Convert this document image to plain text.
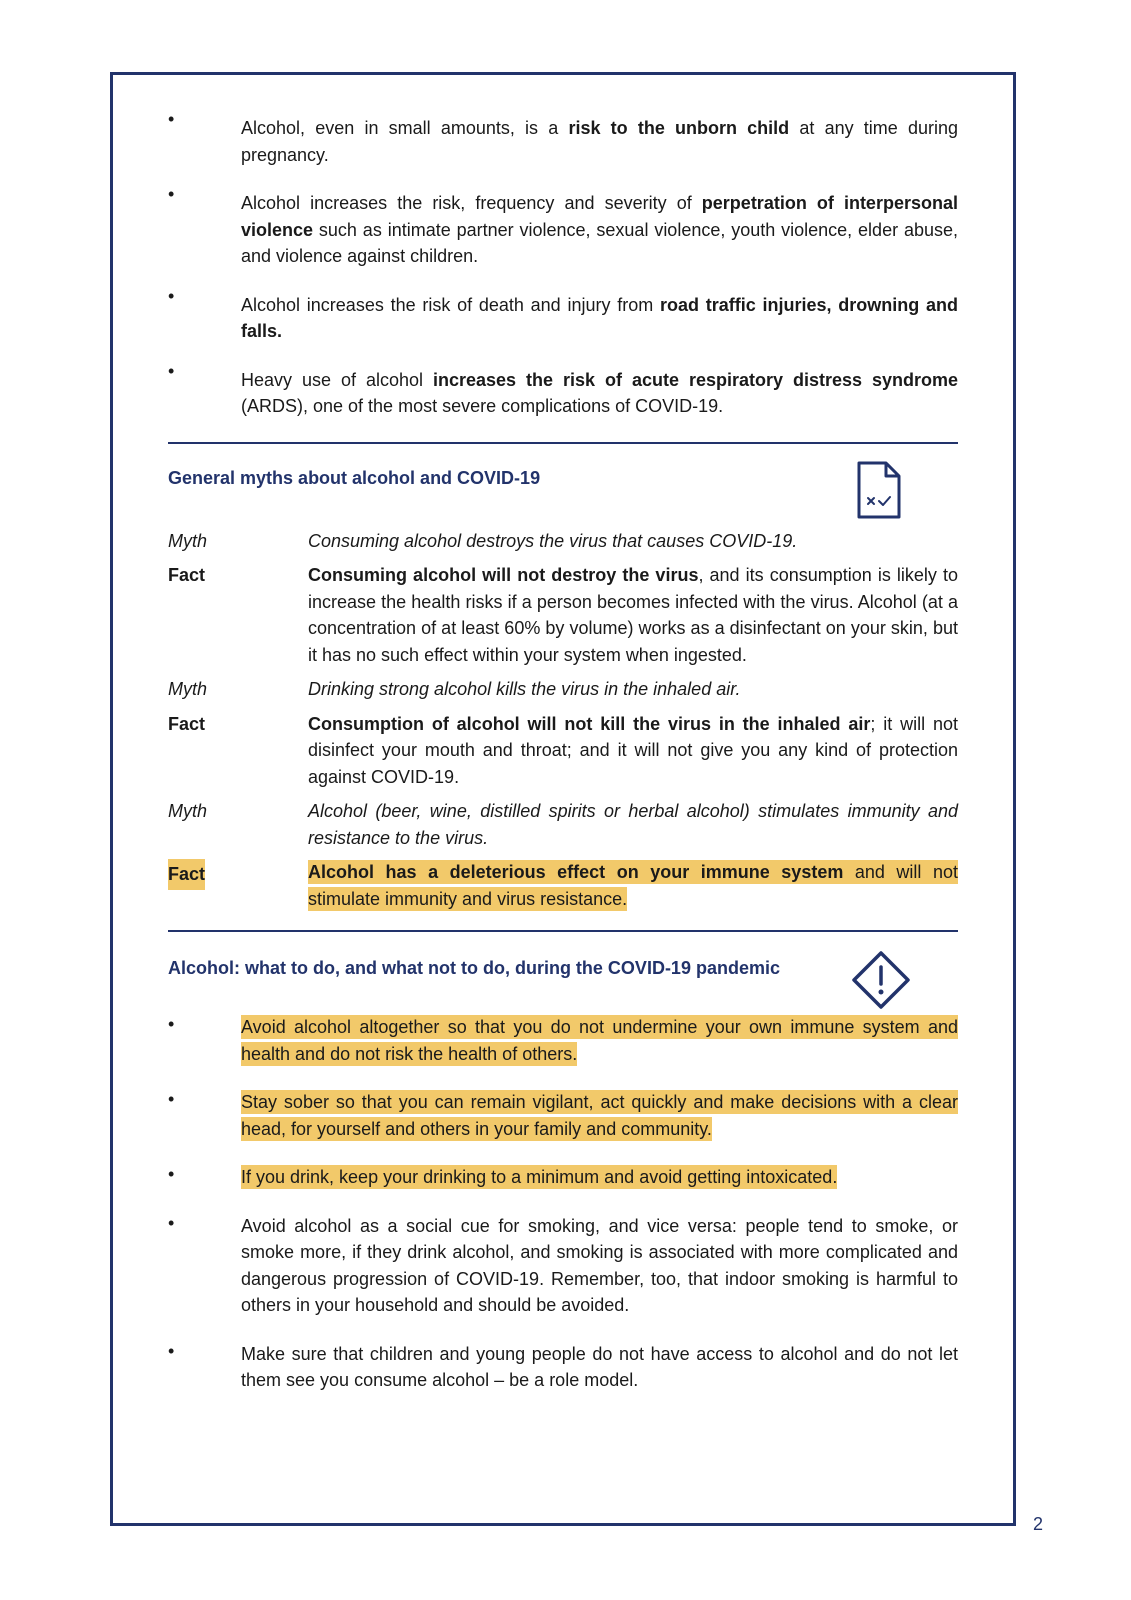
•	Alcohol, even in small amounts, is a risk to the unborn child at any time during pregnancy.

•	Alcohol increases the risk, frequency and severity of perpetration of interpersonal violence such as intimate partner violence, sexual violence, youth violence, elder abuse, and violence against children.

•	Alcohol increases the risk of death and injury from road traffic injuries, drowning and falls.

•	Heavy use of alcohol increases the risk of acute respiratory distress syndrome (ARDS), one of the most severe complications of COVID-19.

General myths about alcohol and COVID-19
Myth	Consuming alcohol destroys the virus that causes COVID-19.

Fact	Consuming alcohol will not destroy the virus, and its consumption is likely to increase the health risks if a person becomes infected with the virus. Alcohol (at a concentration of at least 60% by volume) works as a disinfectant on your skin, but it has no such effect within your system when ingested.

Myth	Drinking strong alcohol kills the virus in the inhaled air.

Fact	Consumption of alcohol will not kill the virus in the inhaled air; it will not disinfect your mouth and throat; and it will not give you any kind of protection against COVID-19.

Myth	Alcohol (beer, wine, distilled spirits or herbal alcohol) stimulates immunity and resistance to the virus.

Fact	Alcohol has a deleterious effect on your immune system and will not stimulate immunity and virus resistance.

Alcohol: what to do, and what not to do, during the COVID-19 pandemic
•	Avoid alcohol altogether so that you do not undermine your own immune system and health and do not risk the health of others.

•	Stay sober so that you can remain vigilant, act quickly and make decisions with a clear head, for yourself and others in your family and community.

•	If you drink, keep your drinking to a minimum and avoid getting intoxicated.

•	Avoid alcohol as a social cue for smoking, and vice versa: people tend to smoke, or smoke more, if they drink alcohol, and smoking is associated with more complicated and dangerous progression of COVID-19. Remember, too, that indoor smoking is harmful to others in your household and should be avoided.

•	Make sure that children and young people do not have access to alcohol and do not let them see you consume alcohol – be a role model.

2
